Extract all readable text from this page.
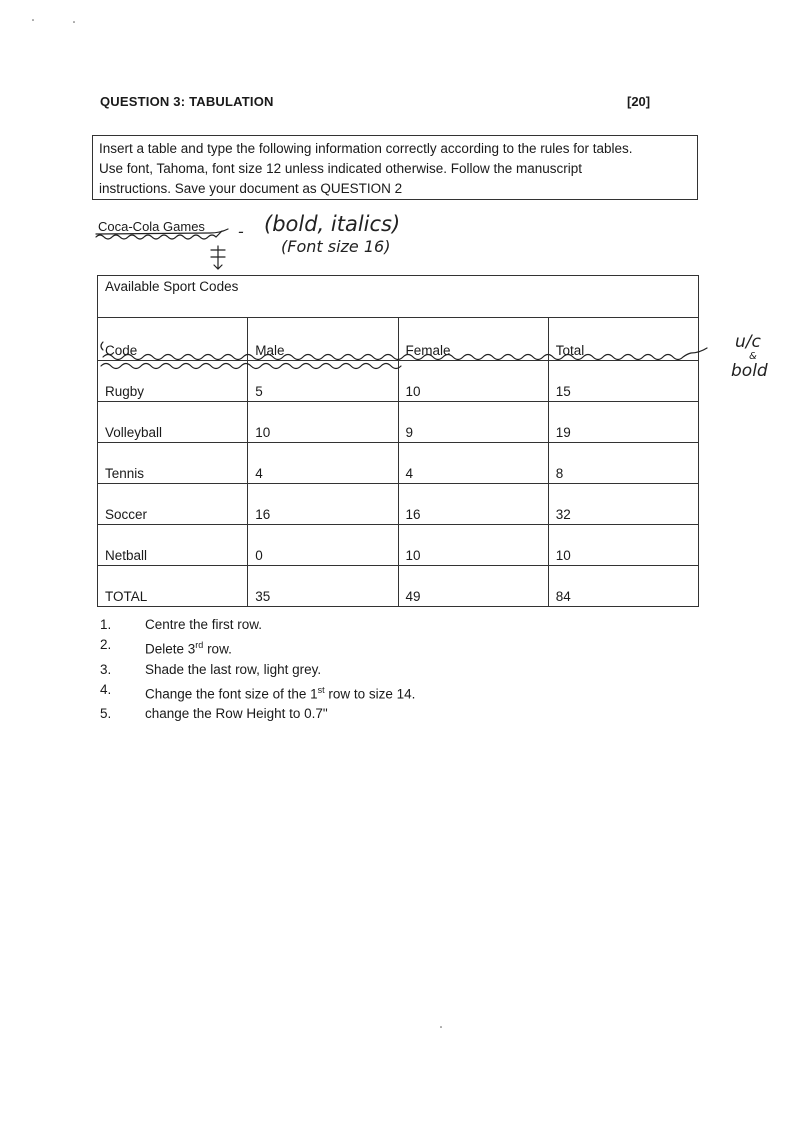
QUESTION 3: TABULATION	[20]
Insert a table and type the following information correctly according to the rules for tables.
Use font, Tahoma, font size 12 unless indicated otherwise. Follow the manuscript
instructions. Save your document as QUESTION 2
Coca-Cola Games - (bold, italics)
(Font size 16)
u/c
&
bold
Available Sport Codes			
Code	Male	Female	Total
Rugby	5	10	15
Volleyball	10	9	19
Tennis	4	4	8
Soccer	16	16	32
Netball	0	10	10
TOTAL	35	49	84
1.	Centre the first row.
2.	Delete 3rd row.
3.	Shade the last row, light grey.
4.	Change the font size of the 1st row to size 14.
5.	change the Row Height to 0.7"
